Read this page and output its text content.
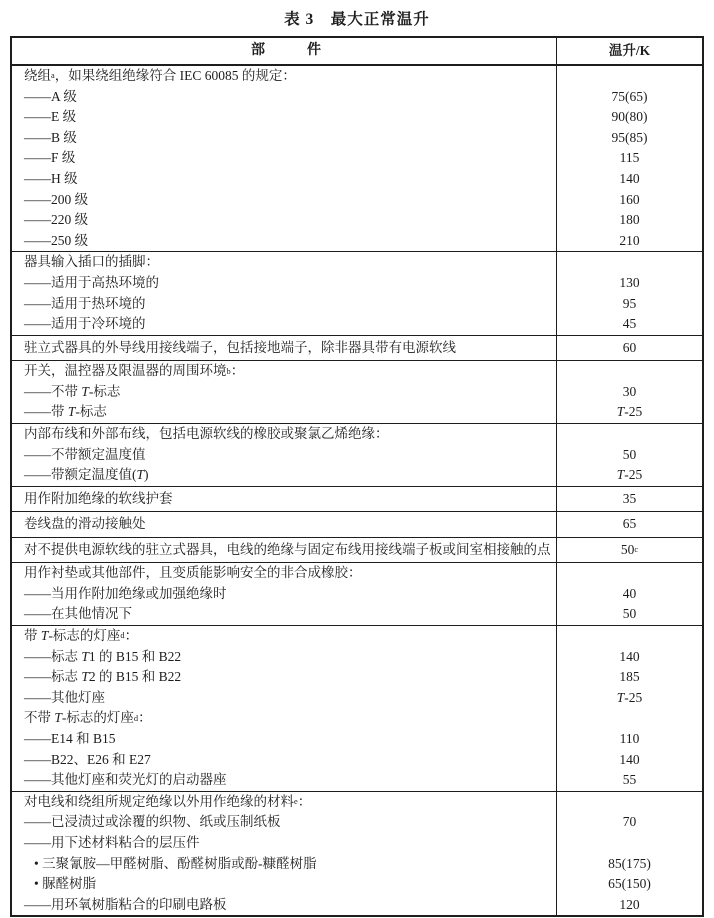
表 3　最大正常温升
部　　　件	温升/K
绕组 a ，如果绕组绝缘符合 IEC 60085 的规定：
——A 级	75(65)
——E 级	90(80)
——B 级	95(85)
——F 级	115
——H 级	140
——200 级	160
——220 级	180
——250 级	210
器具输入插口的插脚：
——适用于高热环境的	130
——适用于热环境的	95
——适用于冷环境的	45
驻立式器具的外导线用接线端子，包括接地端子，除非器具带有电源软线	60
开关，温控器及限温器的周围环境 b ：
——不带 T -标志	30
——带 T -标志	T -25
内部布线和外部布线，包括电源软线的橡胶或聚氯乙烯绝缘：
——不带额定温度值	50
——带额定温度值( T )	T -25
用作附加绝缘的软线护套	35
卷线盘的滑动接触处	65
对不提供电源软线的驻立式器具，电线的绝缘与固定布线用接线端子板或间室相接触的点	50 c
用作衬垫或其他部件，且变质能影响安全的非合成橡胶：
——当用作附加绝缘或加强绝缘时	40
——在其他情况下	50
带 T -标志的灯座 d ：
——标志 T 1 的 B15 和 B22	140
——标志 T 2 的 B15 和 B22	185
——其他灯座	T -25
不带 T -标志的灯座 d ：
——E14 和 B15	110
——B22、E26 和 E27	140
——其他灯座和荧光灯的启动器座	55
对电线和绕组所规定绝缘以外用作绝缘的材料 e ：
——已浸渍过或涂覆的织物、纸或压制纸板	70
——用下述材料粘合的层压件
• 三聚氰胺—甲醛树脂、酚醛树脂或酚-糠醛树脂	85(175)
• 脲醛树脂	65(150)
——用环氧树脂粘合的印刷电路板	120
